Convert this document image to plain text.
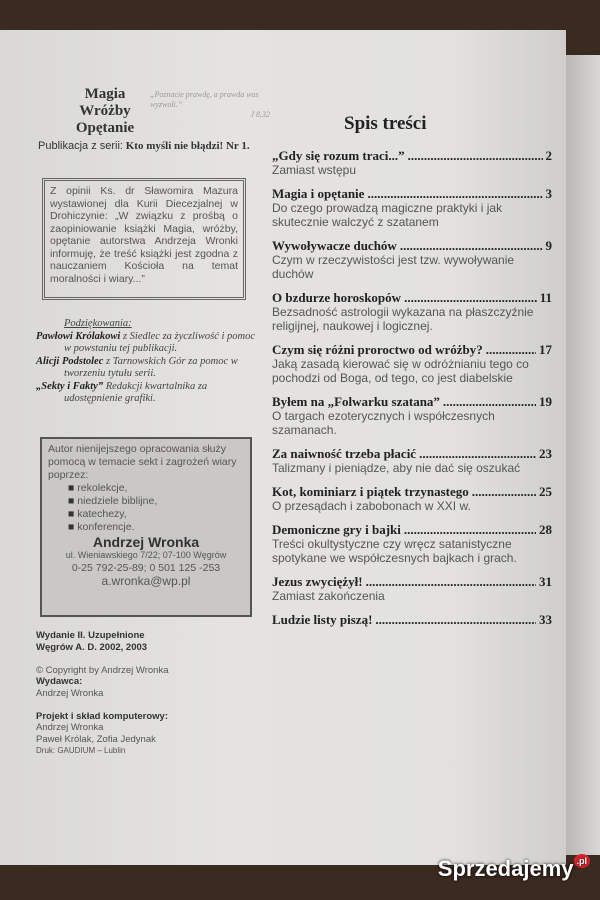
Magia
Wróżby
Opętanie
„Poznacie prawdę, a prawda was wyzwoli.”
J 8,32
Publikacja z serii: Kto myśli nie błądzi! Nr 1.
Z opinii Ks. dr Sławomira Mazura wystawionej dla Kurii Diecezjalnej w Drohiczynie: „W związku z prośbą o zaopiniowanie książki Magia, wróżby, opętanie autorstwa Andrzeja Wronki informuję, że treść książki jest zgodna z nauczaniem Kościoła na temat moralności i wiary...”
Podziękowania:

Pawłowi Królakowi z Siedlec za życzliwość i pomoc w powstaniu tej publikacji.

Alicji Podstolec z Tarnowskich Gór za pomoc w tworzeniu tytułu serii.

„Sekty i Fakty” Redakcji kwartalnika za udostępnienie grafiki.

Autor nienijejszego opracowania służy pomocą w temacie sekt i zagrożeń wiary poprzez:
■ rekolekcje,
■ niedziele biblijne,
■ katechezy,
■ konferencje.
Andrzej Wronka
ul. Wieniawskiego 7/22; 07-100 Węgrów
0-25 792-25-89; 0 501 125 -253
a.wronka@wp.pl
Wydanie II. Uzupełnione
Węgrów A. D. 2002, 2003

© Copyright by Andrzej Wronka
Wydawca:
Andrzej Wronka

Projekt i skład komputerowy:
Andrzej Wronka
Paweł Królak, Zofia Jedynak
Druk: GAUDIUM – Lublin
Spis treści
„Gdy się rozum traci...” .....	2
Zamiast wstępu
Magia i opętanie .....	3
Do czego prowadzą magiczne praktyki i jak skutecznie walczyć z szatanem
Wywoływacze duchów .....	9
Czym w rzeczywistości jest tzw. wywoływanie duchów
O bzdurze horoskopów .....	11
Bezsadność astrologii wykazana na płaszczyźnie religijnej, naukowej i logicznej.
Czym się różni proroctwo od wróżby? .....	17
Jaką zasadą kierować się w odróżnianiu tego co pochodzi od Boga, od tego, co jest diabelskie
Byłem na „Folwarku szatana” .....	19
O targach ezoterycznych i współczesnych szamanach.
Za naiwność trzeba płacić .....	23
Talizmany i pieniądze, aby nie dać się oszukać
Kot, kominiarz i piątek trzynastego .....	25
O przesądach i zabobonach w XXI w.
Demoniczne gry i bajki .....	28
Treści okultystyczne czy wręcz satanistyczne spotykane we współczesnych bajkach i grach.
Jezus zwyciężył! .....	31
Zamiast zakończenia
Ludzie listy piszą! .....	33
Sprzedajemy $^{.pl}$
